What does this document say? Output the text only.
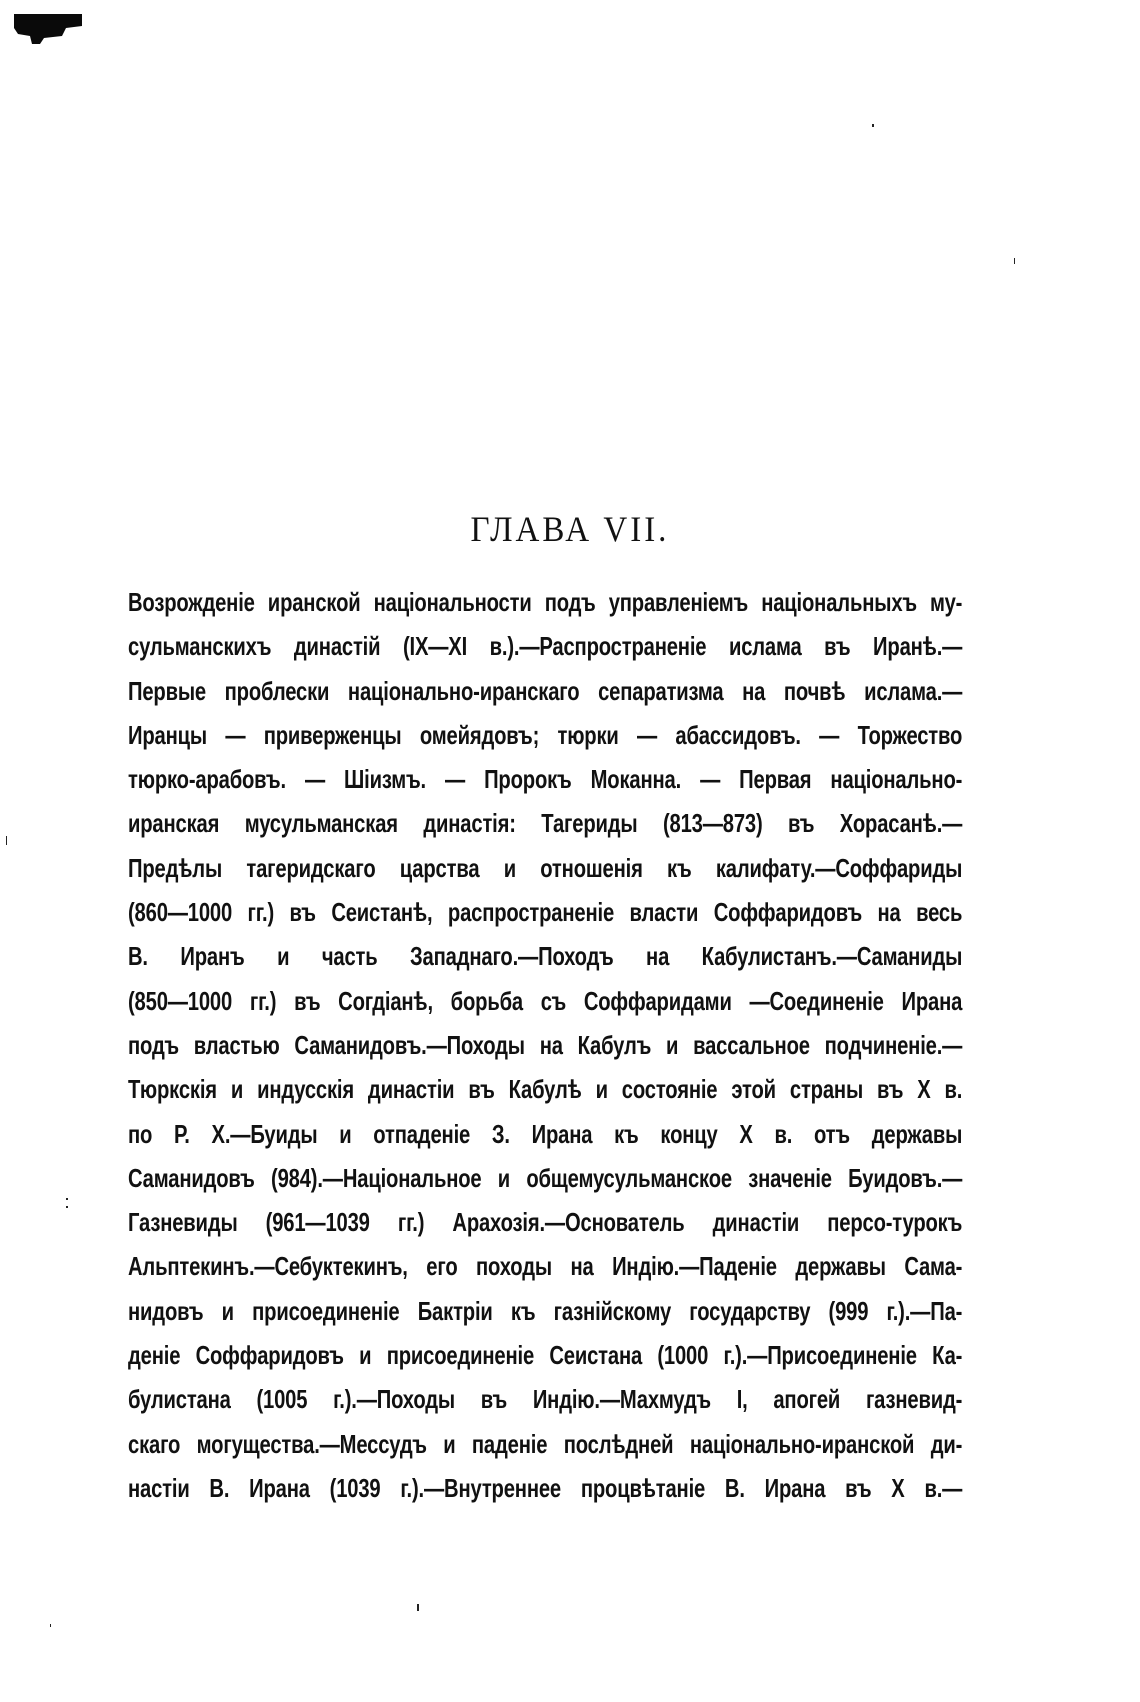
ГЛАВА VII.
Возрожденіе иранской національности подъ управленіемъ національныхъ му-
сульманскихъ династій (IX—XI в.).—Распространеніе ислама въ Иранѣ.—
Первые проблески національно-иранскаго сепаратизма на почвѣ ислама.—
Иранцы — приверженцы омейядовъ; тюрки — абассидовъ. — Торжество
тюрко-арабовъ. — Шіизмъ. — Пророкъ Моканна. — Первая національно-
иранская мусульманская династія: Тагериды (813—873) въ Хорасанѣ.—
Предѣлы тагеридскаго царства и отношенія къ калифату.—Соффариды
(860—1000 гг.) въ Сеистанѣ, распространеніе власти Соффаридовъ на весь
В. Иранъ и часть Западнаго.—Походъ на Кабулистанъ.—Саманиды
(850—1000 гг.) въ Согдіанѣ, борьба съ Соффаридами —Соединеніе Ирана
подъ властью Саманидовъ.—Походы на Кабулъ и вассальное подчиненіе.—
Тюркскія и индусскія династіи въ Кабулѣ и состояніе этой страны въ X в.
по Р. Х.—Буиды и отпаденіе З. Ирана къ концу X в. отъ державы
Саманидовъ (984).—Національное и общемусульманское значеніе Буидовъ.—
Газневиды (961—1039 гг.) Арахозія.—Основатель династіи персо-турокъ
Альптекинъ.—Себуктекинъ, его походы на Индію.—Паденіе державы Сама-
нидовъ и присоединеніе Бактріи къ газнійскому государству (999 г.).—Па-
деніе Соффаридовъ и присоединеніе Сеистана (1000 г.).—Присоединеніе Ка-
булистана (1005 г.).—Походы въ Индію.—Махмудъ I, апогей газневид-
скаго могущества.—Мессудъ и паденіе послѣдней національно-иранской ди-
настіи В. Ирана (1039 г.).—Внутреннее процвѣтаніе В. Ирана въ X в.—
